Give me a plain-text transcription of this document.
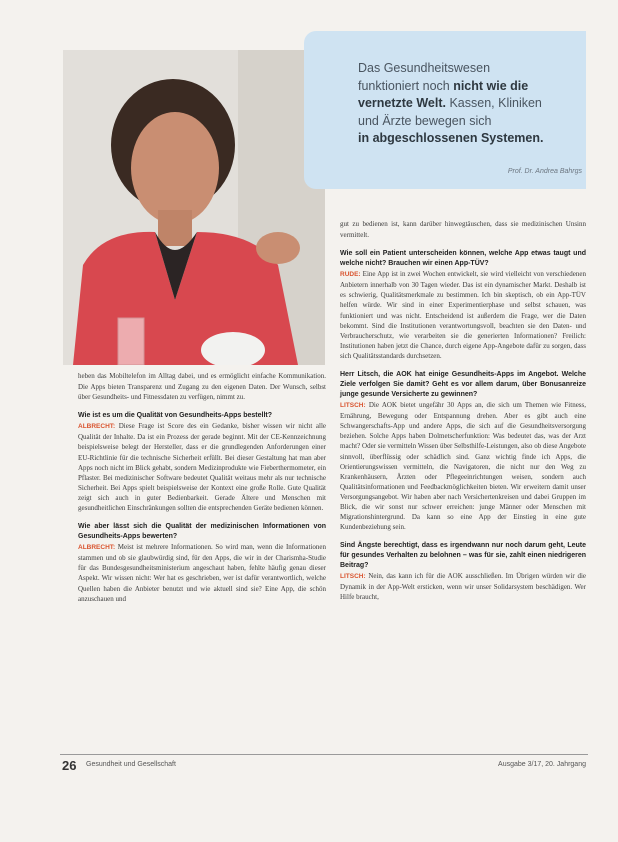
Das Gesundheitswesen
funktioniert noch nicht wie die
vernetzte Welt. Kassen, Kliniken
und Ärzte bewegen sich
in abgeschlossenen Systemen.
Prof. Dr. Andrea Bahrgs

gut zu bedienen ist, kann darüber hinwegtäuschen, dass sie medizinischen Unsinn vermittelt.

Wie soll ein Patient unterscheiden können, welche App etwas taugt und welche nicht? Brauchen wir einen App-TÜV?

RUDE: Eine App ist in zwei Wochen entwickelt, sie wird vielleicht von verschiedenen Anbietern innerhalb von 30 Tagen wieder. Das ist ein dynamischer Markt. Deshalb ist es schwierig, Qualitätsmerkmale zu bestimmen. Ich bin skeptisch, ob ein App-TÜV helfen würde. Wir sind in einer Experimentierphase und selbst schauen, was funktioniert und was nicht. Entscheidend ist außerdem die Frage, wer die Daten bekommt. Sind die Institutionen verantwortungsvoll, beachten sie den Daten- und Verbraucherschutz, wie verarbeiten sie die generierten Informationen? Freilich: Institutionen haben jetzt die Chance, durch eigene App-Angebote dafür zu sorgen, dass sich Qualitätsstandards durchsetzen.

Herr Litsch, die AOK hat einige Gesundheits-Apps im Angebot. Welche Ziele verfolgen Sie damit? Geht es vor allem darum, über Bonusanreize junge gesunde Versicherte zu gewinnen?

LITSCH: Die AOK bietet ungefähr 30 Apps an, die sich um Themen wie Fitness, Ernährung, Bewegung oder Entspannung drehen. Aber es gibt auch eine Schwangerschafts-App und andere Apps, die sich auf die Gesundheitsversorgung beziehen. Solche Apps haben Dolmetscherfunktion: Was bedeutet das, was der Arzt macht? Oder sie vermitteln Wissen über Selbsthilfe-Leistungen, also ob diese Angebote sinnvoll, überflüssig oder schädlich sind. Ganz wichtig finde ich Apps, die Orientierungswissen vermitteln, die Navigatoren, die nicht nur den Weg zu Krankenhäusern, Ärzten oder Pflegeeinrichtungen weisen, sondern auch Qualitätsinformationen und Feedbackmöglichkeiten bieten. Wir erweitern damit unser Versorgungsangebot. Wir haben aber nach Versichertenkreisen und dabei Gruppen im Blick, die wir sonst nur schwer erreichen: junge Männer oder Menschen mit Migrationshintergrund. Da kann so eine App der Einstieg in eine gute Kundenbeziehung sein.

Sind Ängste berechtigt, dass es irgendwann nur noch darum geht, Leute für gesundes Verhalten zu belohnen – was für sie, zahlt einen niedrigeren Beitrag?

LITSCH: Nein, das kann ich für die AOK ausschließen. Im Übrigen würden wir die Dynamik in der App-Welt ersticken, wenn wir unser Solidarsystem beschädigen. Wer Hilfe braucht,

heben das Mobiltelefon im Alltag dabei, und es ermöglicht einfache Kommunikation. Die Apps bieten Transparenz und Zugang zu den eigenen Daten. Der Wunsch, selbst über Gesundheits- und Fitnessdaten zu verfügen, nimmt zu.

Wie ist es um die Qualität von Gesundheits-Apps bestellt?

ALBRECHT: Diese Frage ist Score des ein Gedanke, bisher wissen wir nicht alle Qualität der Inhalte. Da ist ein Prozess der gerade beginnt. Mit der CE-Kennzeichnung beispielsweise belegt der Hersteller, dass er die grundlegenden Anforderungen einer EU-Richtlinie für die technische Sicherheit erfüllt. Bei dieser Gestaltung hat man aber Apps noch nicht im Blick gehabt, sondern Medizinprodukte wie Fieberthermometer, ein Pflaster. Bei medizinischer Software bedeutet Qualität weitaus mehr als nur technische Sicherheit. Bei Apps spielt beispielsweise der Kontext eine große Rolle. Gute Qualität zeigt sich auch in guter Bedienbarkeit. Gerade Ältere und Menschen mit gesundheitlichen Einschränkungen sollten die entsprechenden Geräte bedienen können.

Wie aber lässt sich die Qualität der medizinischen Informationen von Gesundheits-Apps bewerten?

ALBRECHT: Meist ist mehrere Informationen. So wird man, wenn die Informationen stammen und ob sie glaubwürdig sind, für den Apps, die wir in der Charismha-Studie für das Bundesgesundheitsministerium angeschaut haben, fehlte häufig genau dieser Aspekt. Wir wissen nicht: Wer hat es geschrieben, wer ist dafür verantwortlich, welche Quellen haben die Anbieter benutzt und wie aktuell sind sie? Eine App, die schön anzuschauen und

26 Gesundheit und Gesellschaft	Ausgabe 3/17, 20. Jahrgang
